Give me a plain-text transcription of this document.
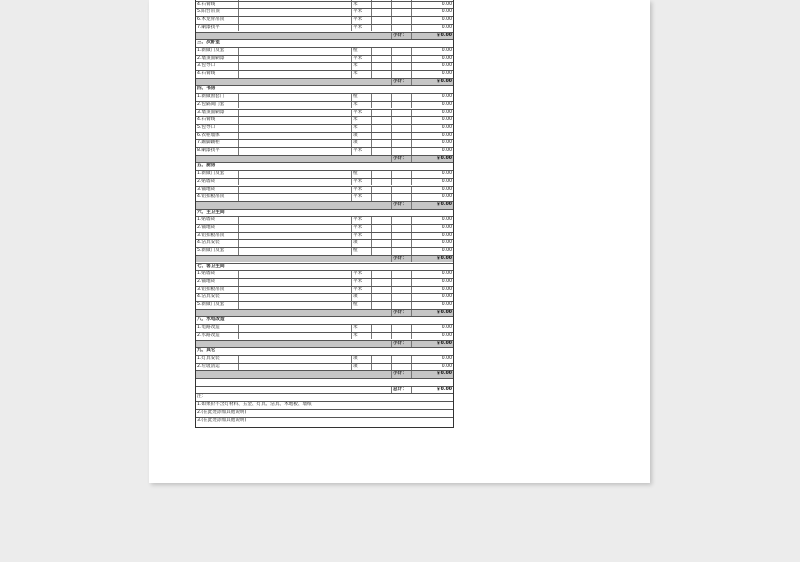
4.石膏线	米	0.00
5.阳台吊顶	平米	0.00
6.木龙骨吊顶	平米	0.00
7.刷漆找平	平米	0.00
小计：	￥0.00
三、次卧室
1.新做门及套	樘	0.00
2.墙顶面刷漆	平米	0.00
3.包导口	米	0.00
4.石膏线	米	0.00
小计：	￥0.00
四、书房
1.新做窗套门	樘	0.00
2.包隔间门套	米	0.00
3.墙顶面刷漆	平米	0.00
4.石膏线	米	0.00
5.包导口	米	0.00
6.衣柜墙体	项	0.00
7.踢脚踢柜	项	0.00
8.刷漆找平	平米	0.00
小计：	￥0.00
五、厨房
1.新做门及套	樘	0.00
2.贴墙砖	平米	0.00
3.铺地砖	平米	0.00
4.铝扣板吊顶	平米	0.00
小计：	￥0.00
六、主卫生间
1.贴墙砖	平米	0.00
2.铺地砖	平米	0.00
3.铝扣板吊顶	平米	0.00
4.洁具安装	项	0.00
5.新做门及套	樘	0.00
小计：	￥0.00
七、客卫生间
1.贴墙砖	平米	0.00
2.铺地砖	平米	0.00
3.铝扣板吊顶	平米	0.00
4.洁具安装	项	0.00
5.新做门及套	樘	0.00
小计：	￥0.00
八、水电改造
1.电路改造	米	0.00
2.水路改造	米	0.00
小计：	￥0.00
九、其它
1.灯具安装	项	0.00
2.垃圾清运	项	0.00
小计：	￥0.00
总计：	￥0.00
注：
1.如果价不含灯材料、五金、灯具、洁具、木地板、墙纸
2.(在此处添加其他说明)
3.(在此处添加其他说明)
